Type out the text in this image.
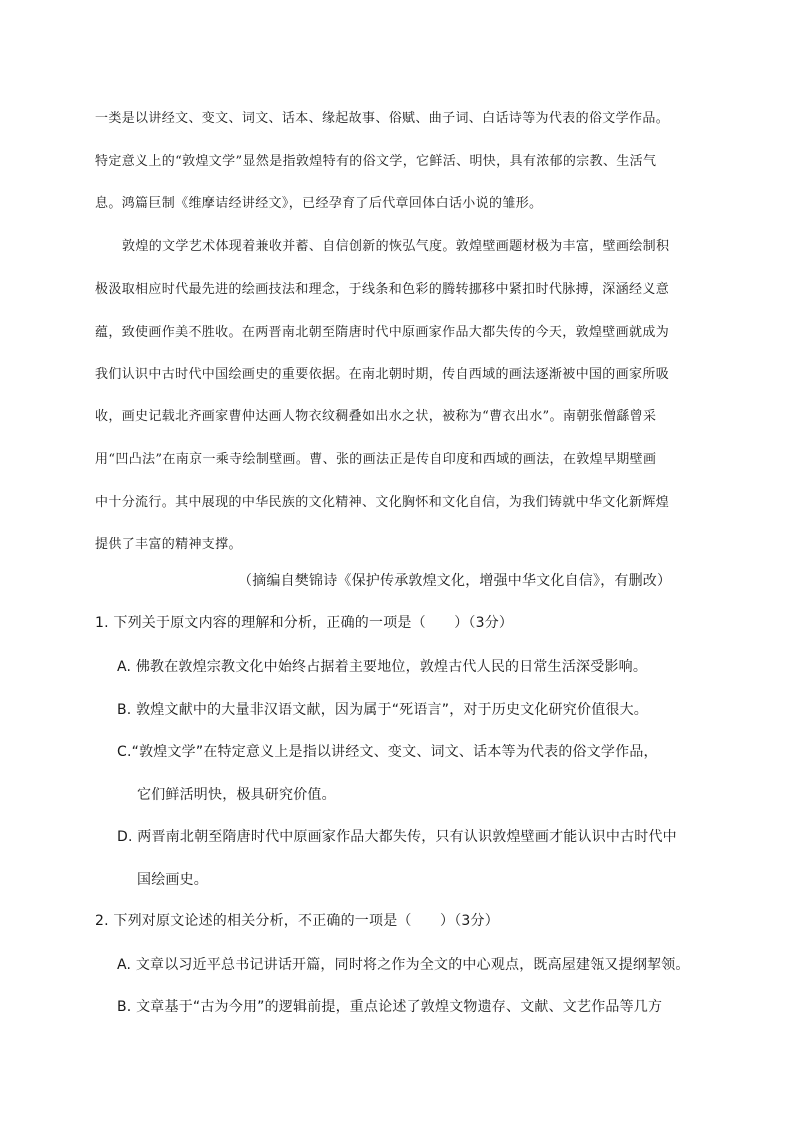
一类是以讲经文、变文、词文、话本、缘起故事、俗赋、曲子词、白话诗等为代表的俗文学作品。
特定意义上的“敦煌文学”显然是指敦煌特有的俗文学，它鲜活、明快，具有浓郁的宗教、生活气
息。鸿篇巨制《维摩诘经讲经文》，已经孕育了后代章回体白话小说的雏形。
敦煌的文学艺术体现着兼收并蓄、自信创新的恢弘气度。敦煌壁画题材极为丰富，壁画绘制积
极汲取相应时代最先进的绘画技法和理念，于线条和色彩的腾转挪移中紧扣时代脉搏，深涵经义意
蕴，致使画作美不胜收。在两晋南北朝至隋唐时代中原画家作品大都失传的今天，敦煌壁画就成为
我们认识中古时代中国绘画史的重要依据。在南北朝时期，传自西域的画法逐渐被中国的画家所吸
收，画史记载北齐画家曹仲达画人物衣纹稠叠如出水之状，被称为“曹衣出水”。南朝张僧繇曾采
用“凹凸法”在南京一乘寺绘制壁画。曹、张的画法正是传自印度和西域的画法，在敦煌早期壁画
中十分流行。其中展现的中华民族的文化精神、文化胸怀和文化自信，为我们铸就中华文化新辉煌
提供了丰富的精神支撑。
（摘编自樊锦诗《保护传承敦煌文化，增强中华文化自信》，有删改）
1. 下列关于原文内容的理解和分析，正确的一项是（　　）（3分）
A. 佛教在敦煌宗教文化中始终占据着主要地位，敦煌古代人民的日常生活深受影响。
B. 敦煌文献中的大量非汉语文献，因为属于“死语言”，对于历史文化研究价值很大。
C.“敦煌文学”在特定意义上是指以讲经文、变文、词文、话本等为代表的俗文学作品，
它们鲜活明快，极具研究价值。
D. 两晋南北朝至隋唐时代中原画家作品大都失传，只有认识敦煌壁画才能认识中古时代中
国绘画史。
2. 下列对原文论述的相关分析，不正确的一项是（　　）（3分）
A. 文章以习近平总书记讲话开篇，同时将之作为全文的中心观点，既高屋建瓴又提纲挈领。
B. 文章基于“古为今用”的逻辑前提，重点论述了敦煌文物遗存、文献、文艺作品等几方
